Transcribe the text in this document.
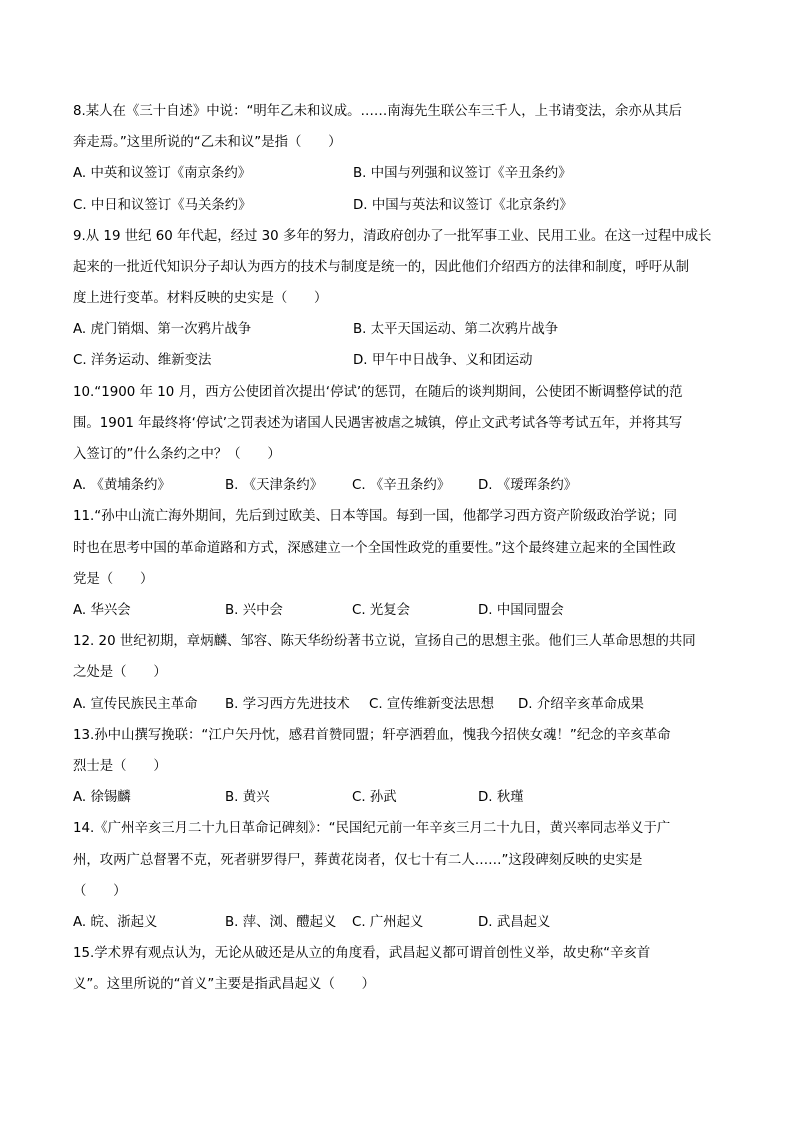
8.某人在《三十自述》中说：“明年乙未和议成。……南海先生联公车三千人，上书请变法，余亦从其后
奔走焉。”这里所说的“乙未和议”是指（　　）
A. 中英和议签订《南京条约》	B. 中国与列强和议签订《辛丑条约》
C. 中日和议签订《马关条约》	D. 中国与英法和议签订《北京条约》
9.从 19 世纪 60 年代起，经过 30 多年的努力，清政府创办了一批军事工业、民用工业。在这一过程中成长
起来的一批近代知识分子却认为西方的技术与制度是统一的，因此他们介绍西方的法律和制度，呼吁从制
度上进行变革。材料反映的史实是（　　）
A. 虎门销烟、第一次鸦片战争	B. 太平天国运动、第二次鸦片战争
C. 洋务运动、维新变法	D. 甲午中日战争、义和团运动
10.“1900 年 10 月，西方公使团首次提出‘停试’的惩罚，在随后的谈判期间，公使团不断调整停试的范
围。1901 年最终将‘停试’之罚表述为诸国人民遇害被虐之城镇，停止文武考试各等考试五年，并将其写
入签订的”什么条约之中？（　　）
A. 《黄埔条约》	B. 《天津条约》 C. 《辛丑条约》 D. 《瑷珲条约》
11.“孙中山流亡海外期间，先后到过欧美、日本等国。每到一国，他都学习西方资产阶级政治学说；同
时也在思考中国的革命道路和方式，深感建立一个全国性政党的重要性。”这个最终建立起来的全国性政
党是（　　）
A. 华兴会	B. 兴中会	C. 光复会	D. 中国同盟会
12. 20 世纪初期，章炳麟、邹容、陈天华纷纷著书立说，宣扬自己的思想主张。他们三人革命思想的共同
之处是（　　）
A. 宣传民族民主革命 B. 学习西方先进技术 C. 宣传维新变法思想 D. 介绍辛亥革命成果
13.孙中山撰写挽联：“江户矢丹忱，感君首赞同盟；轩亭洒碧血，愧我今招侠女魂！”纪念的辛亥革命
烈士是（　　）
A. 徐锡麟	B. 黄兴	C. 孙武	D. 秋瑾
14.《广州辛亥三月二十九日革命记碑刻》：“民国纪元前一年辛亥三月二十九日，黄兴率同志举义于广
州，攻两广总督署不克，死者骈罗得尸，葬黄花岗者，仅七十有二人……”这段碑刻反映的史实是
（　　）
A. 皖、浙起义	B. 萍、浏、醴起义 C. 广州起义	D. 武昌起义
15.学术界有观点认为，无论从破还是从立的角度看，武昌起义都可谓首创性义举，故史称“辛亥首
义”。这里所说的“首义”主要是指武昌起义（　　）
